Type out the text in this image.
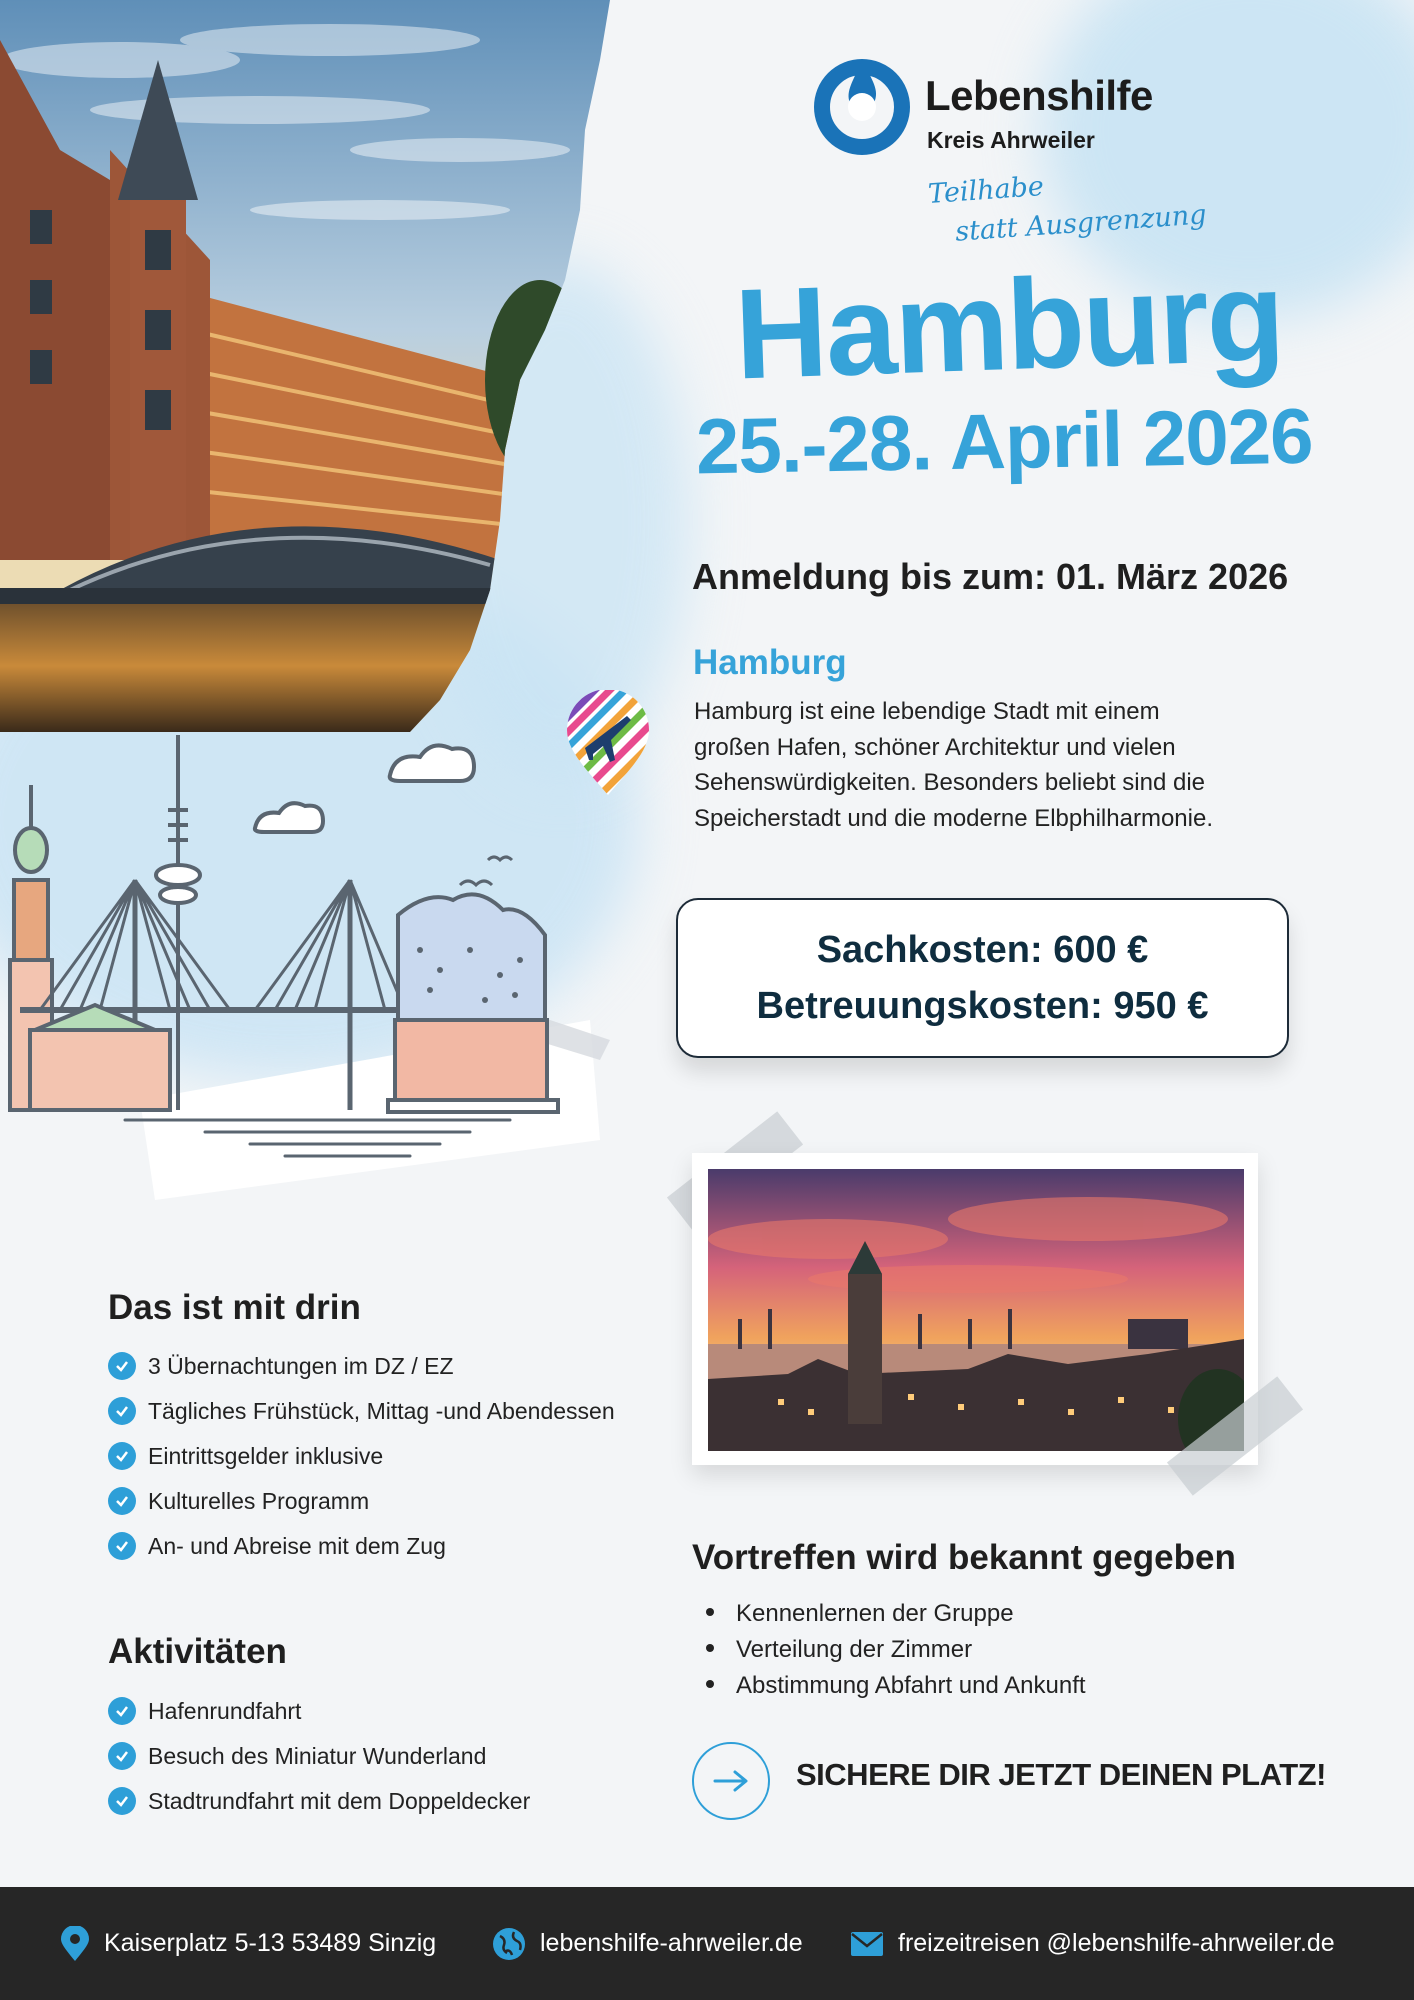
Lebenshilfe
Kreis Ahrweiler
Teilhabe
statt Ausgrenzung
Hamburg
25.-28. April 2026
Anmeldung bis zum: 01. März 2026
Hamburg
Hamburg ist eine lebendige Stadt mit einem
großen Hafen, schöner Architektur und vielen
Sehenswürdigkeiten. Besonders beliebt sind die
Speicherstadt und die moderne Elbphilharmonie.
Sachkosten: 600 €
Betreuungskosten: 950 €
Das ist mit drin
3 Übernachtungen im DZ / EZ
Tägliches Frühstück, Mittag -und Abendessen
Eintrittsgelder inklusive
Kulturelles Programm
An- und Abreise mit dem Zug
Aktivitäten
Hafenrundfahrt
Besuch des Miniatur Wunderland
Stadtrundfahrt mit dem Doppeldecker
Vortreffen wird bekannt gegeben
Kennenlernen der Gruppe
Verteilung der Zimmer
Abstimmung Abfahrt und Ankunft
SICHERE DIR JETZT DEINEN PLATZ!
Kaiserplatz 5-13 53489 Sinzig	lebenshilfe-ahrweiler.de	freizeitreisen @lebenshilfe-ahrweiler.de
